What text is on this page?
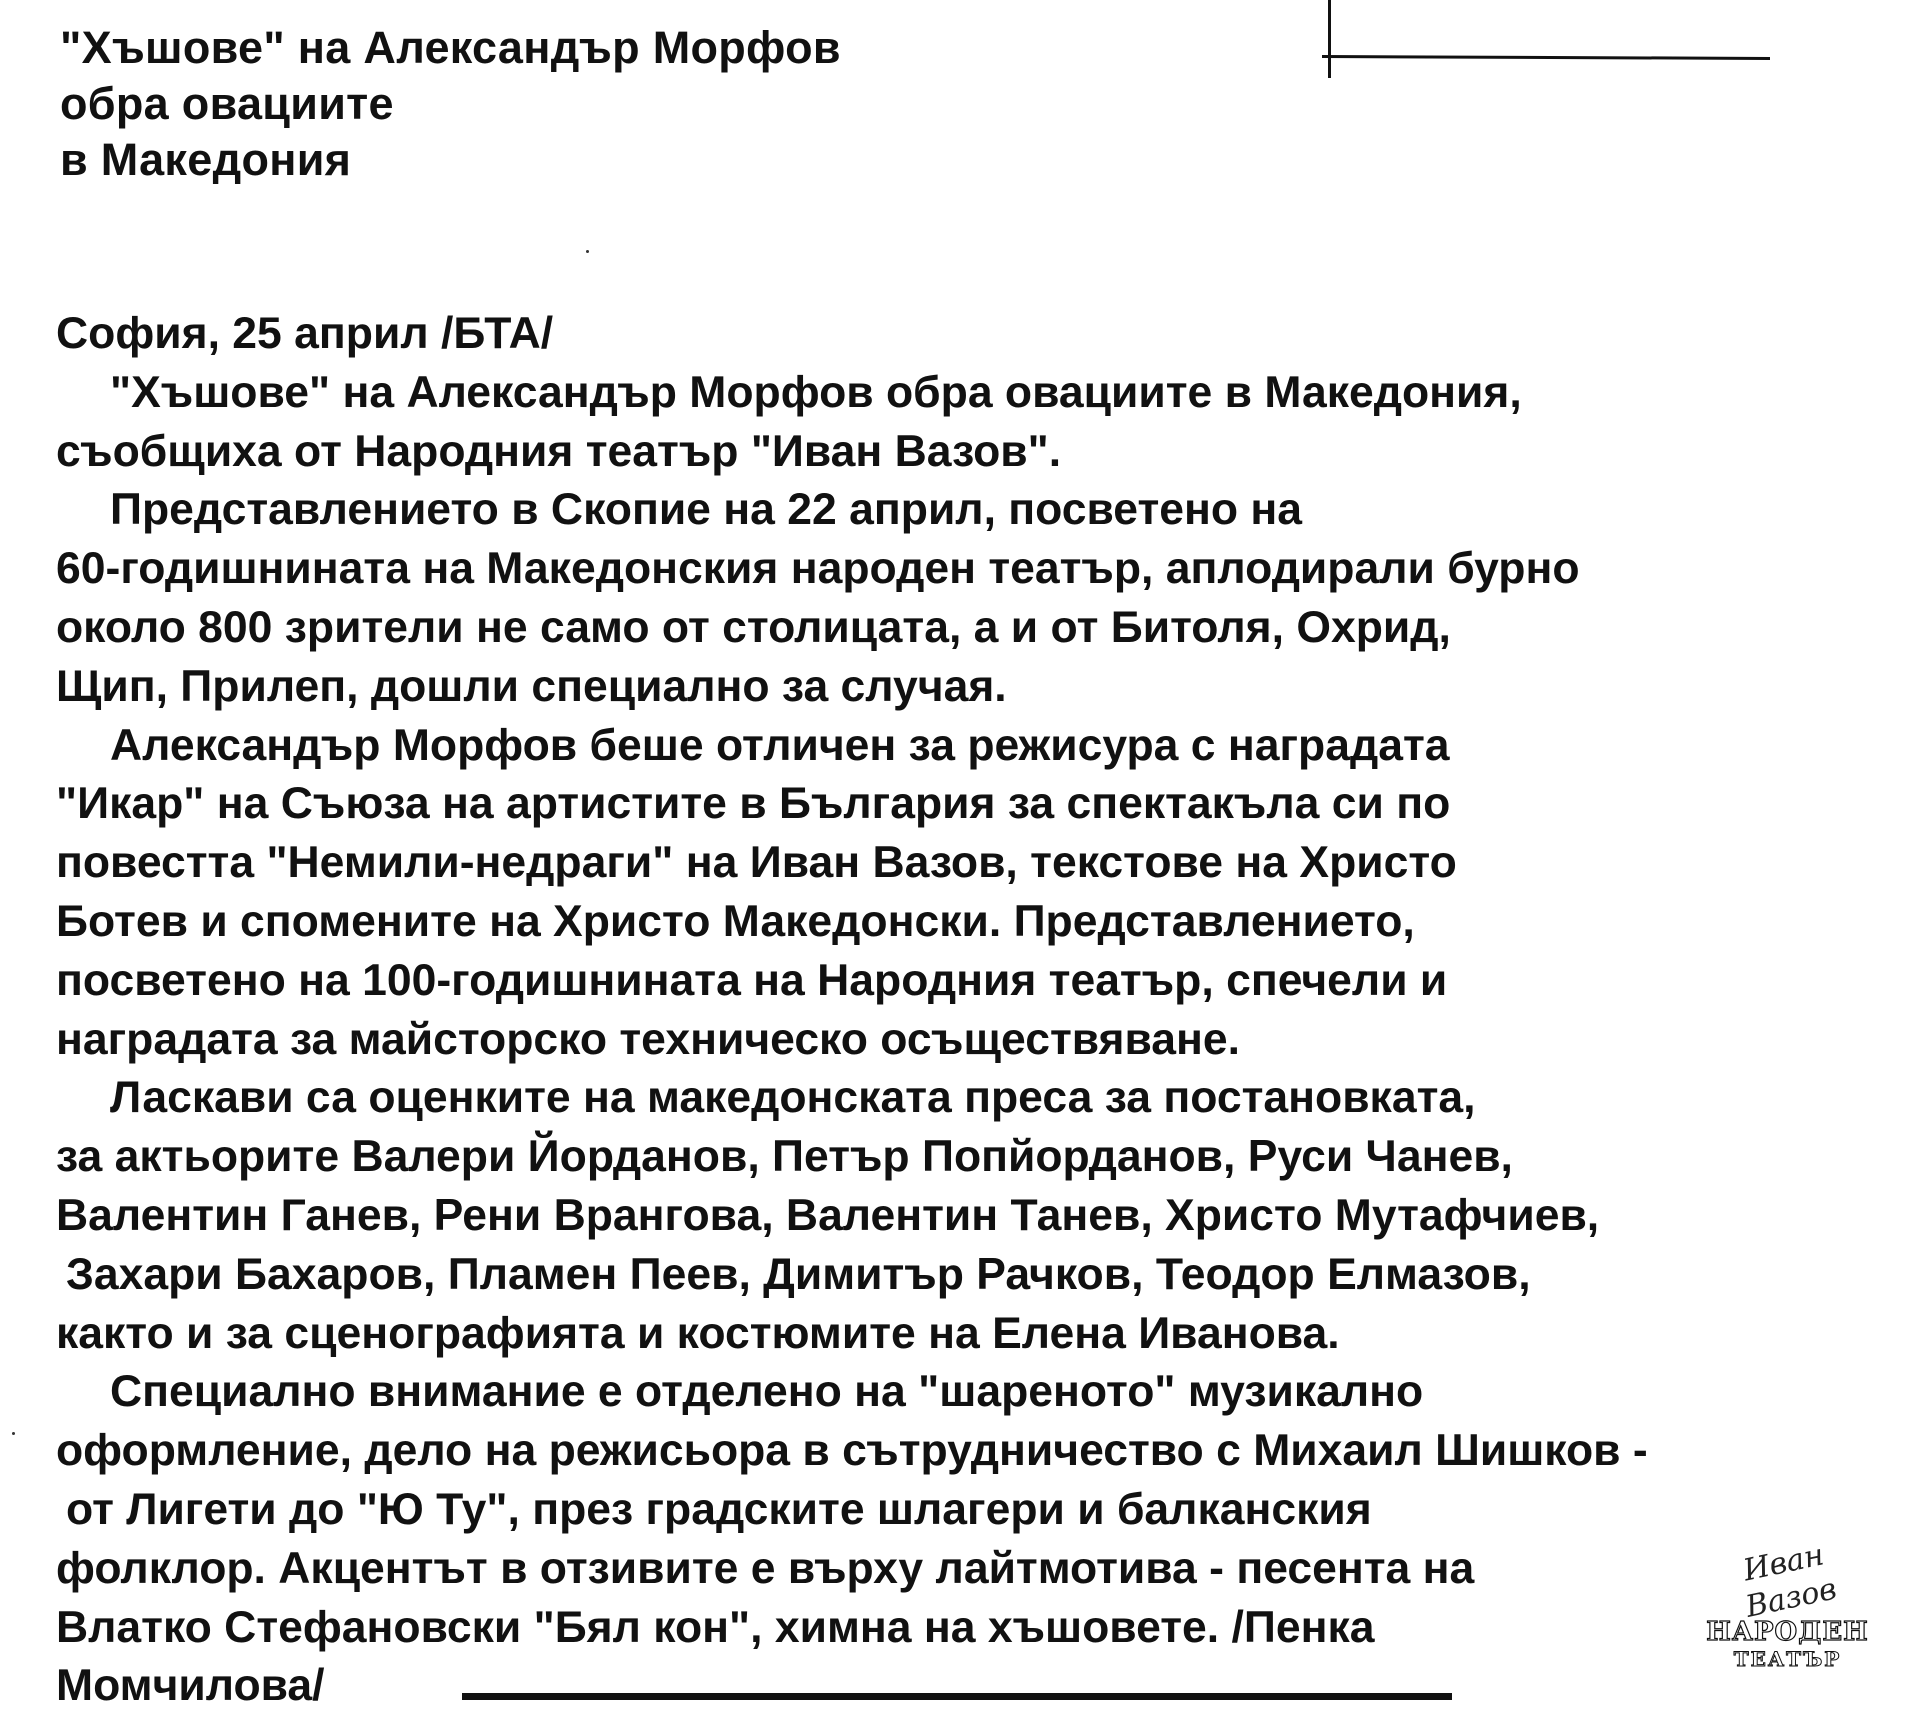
"Хъшове" на Александър Морфов
обра овациите
в Македония
София, 25 април /БТА/
"Хъшове" на Александър Морфов обра овациите в Македония,
съобщиха от Народния театър "Иван Вазов".
Представлението в Скопие на 22 април, посветено на
60-годишнината на Македонския народен театър, аплодирали бурно
около 800 зрители не само от столицата, а и от Битоля, Охрид,
Щип, Прилеп, дошли специално за случая.
Александър Морфов беше отличен за режисура с наградата
"Икар" на Съюза на артистите в България за спектакъла си по
повестта "Немили-недраги" на Иван Вазов, текстове на Христо
Ботев и спомените на Христо Македонски. Представлението,
посветено на 100-годишнината на Народния театър, спечели и
наградата за майсторско техническо осъществяване.
Ласкави са оценките на македонската преса за постановката,
за актьорите Валери Йорданов, Петър Попйорданов, Руси Чанев,
Валентин Ганев, Рени Врангова, Валентин Танев, Христо Мутафчиев,
Захари Бахаров, Пламен Пеев, Димитър Рачков, Теодор Елмазов,
както и за сценографията и костюмите на Елена Иванова.
Специално внимание е отделено на "шареното" музикално
оформление, дело на режисьора в сътрудничество с Михаил Шишков -
от Лигети до "Ю Ту", през градските шлагери и балканския
фолклор. Акцентът в отзивите е върху лайтмотива - песента на
Влатко Стефановски "Бял кон", химна на хъшовете. /Пенка
Момчилова/
Иван Вазов
НАРОДЕН
ТЕАТЪР
